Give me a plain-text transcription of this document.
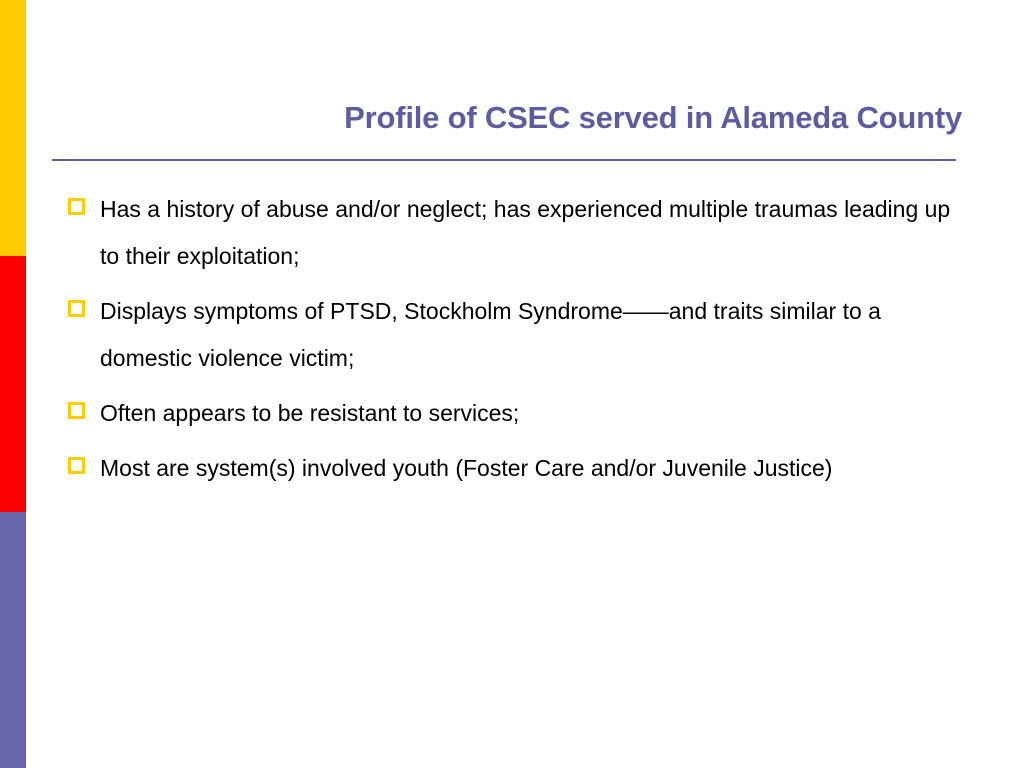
Profile of CSEC served in Alameda County
Has a history of abuse and/or neglect; has experienced multiple traumas leading up to their exploitation;
Displays symptoms of PTSD, Stockholm Syndrome——and traits similar to a domestic violence victim;
Often appears to be resistant to services;
Most are system(s) involved youth (Foster Care and/or Juvenile Justice)
